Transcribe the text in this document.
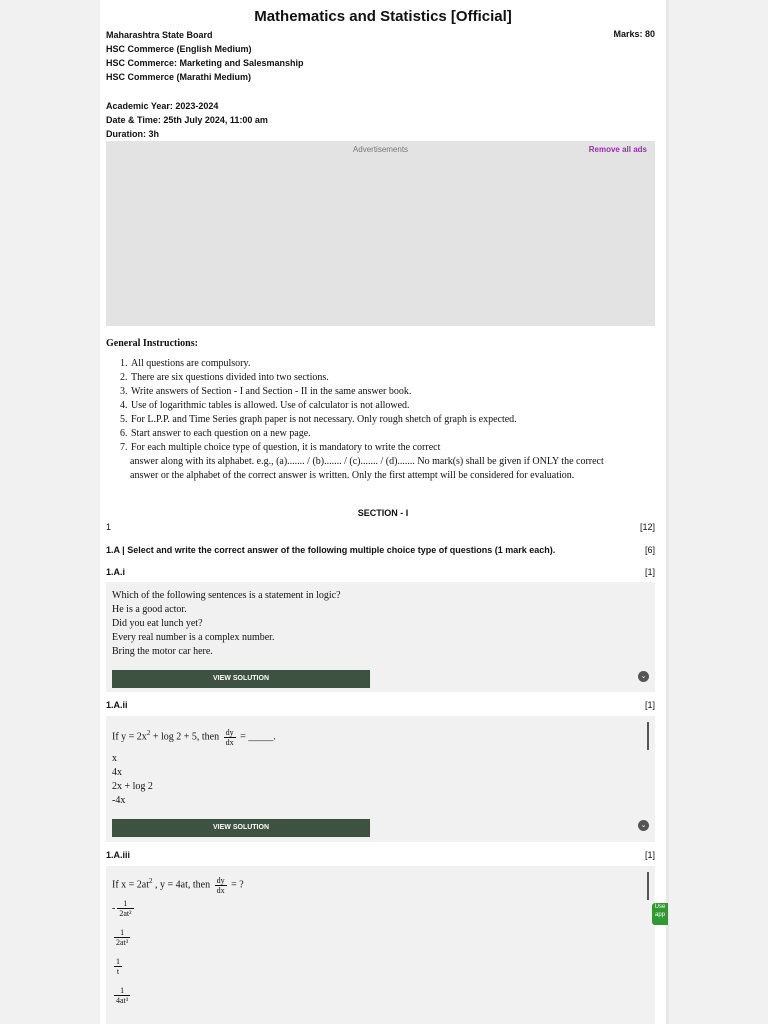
Mathematics and Statistics [Official]
Marks: 80
Maharashtra State Board
HSC Commerce (English Medium)
HSC Commerce: Marketing and Salesmanship
HSC Commerce (Marathi Medium)
Academic Year: 2023-2024
Date & Time: 25th July 2024, 11:00 am
Duration: 3h
Advertisements	Remove all ads
General Instructions:
1. All questions are compulsory.
2. There are six questions divided into two sections.
3. Write answers of Section - I and Section - II in the same answer book.
4. Use of logarithmic tables is allowed. Use of calculator is not allowed.
5. For L.P.P. and Time Series graph paper is not necessary. Only rough shetch of graph is expected.
6. Start answer to each question on a new page.
7. For each multiple choice type of question, it is mandatory to write the correct
answer along with its alphabet. e.g., (a)....... / (b)....... / (c)....... / (d)....... No mark(s) shall be given if ONLY the correct
answer or the alphabet of the correct answer is written. Only the first attempt will be considered for evaluation.
SECTION - I
1	[12]
1.A | Select and write the correct answer of the following multiple choice type of questions (1 mark each).	[6]
1.A.i	[1]
Which of the following sentences is a statement in logic?
He is a good actor.
Did you eat lunch yet?
Every real number is a complex number.
Bring the motor car here.
VIEW SOLUTION	⌄
1.A.ii	[1]
If $y = 2x^2 + \log 2 + 5$, then $\frac{dy}{dx}$ = _____.
x
4x
2x + log 2
-4x
VIEW SOLUTION	⌄
1.A.iii	[1]
If $x = 2at^2$ , y = 4at, then $\frac{dy}{dx}$ = ?
- $\frac{1}{\text{2at²}}$
$\frac{1}{\text{2at³}}$
$\frac{1}{t}$
$\frac{1}{\text{4at³}}$
Use
app
